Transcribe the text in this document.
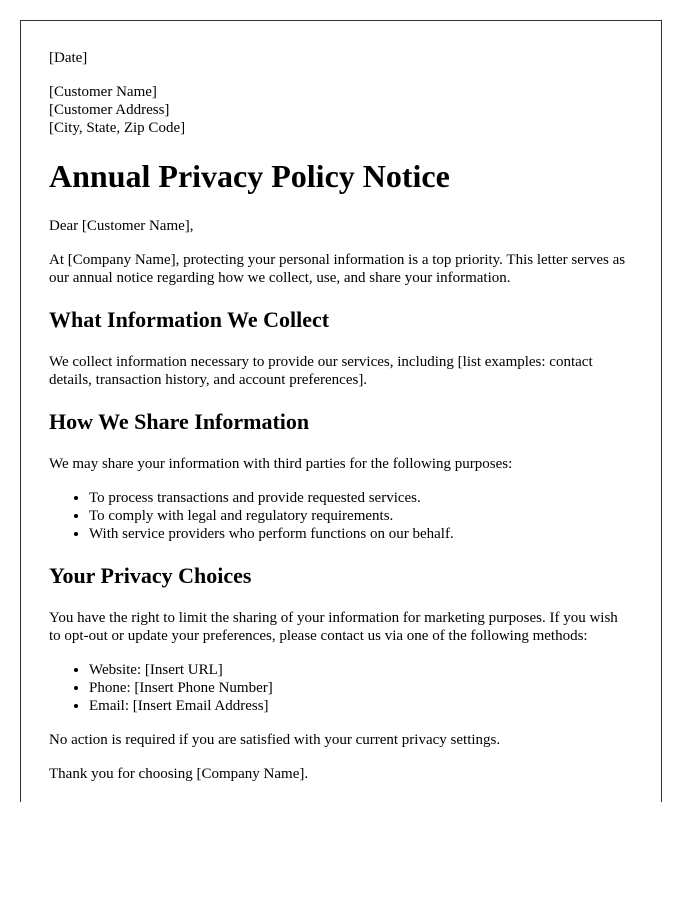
[Date]

[Customer Name]
[Customer Address]
[City, State, Zip Code]

Annual Privacy Policy Notice

Dear [Customer Name],

At [Company Name], protecting your personal information is a top priority. This letter serves as our annual notice regarding how we collect, use, and share your information.

What Information We Collect

We collect information necessary to provide our services, including [list examples: contact details, transaction history, and account preferences].

How We Share Information

We may share your information with third parties for the following purposes:

• To process transactions and provide requested services.
• To comply with legal and regulatory requirements.
• With service providers who perform functions on our behalf.
Your Privacy Choices

You have the right to limit the sharing of your information for marketing purposes. If you wish to opt-out or update your preferences, please contact us via one of the following methods:

• Website: [Insert URL]
• Phone: [Insert Phone Number]
• Email: [Insert Email Address]

No action is required if you are satisfied with your current privacy settings.

Thank you for choosing [Company Name].
